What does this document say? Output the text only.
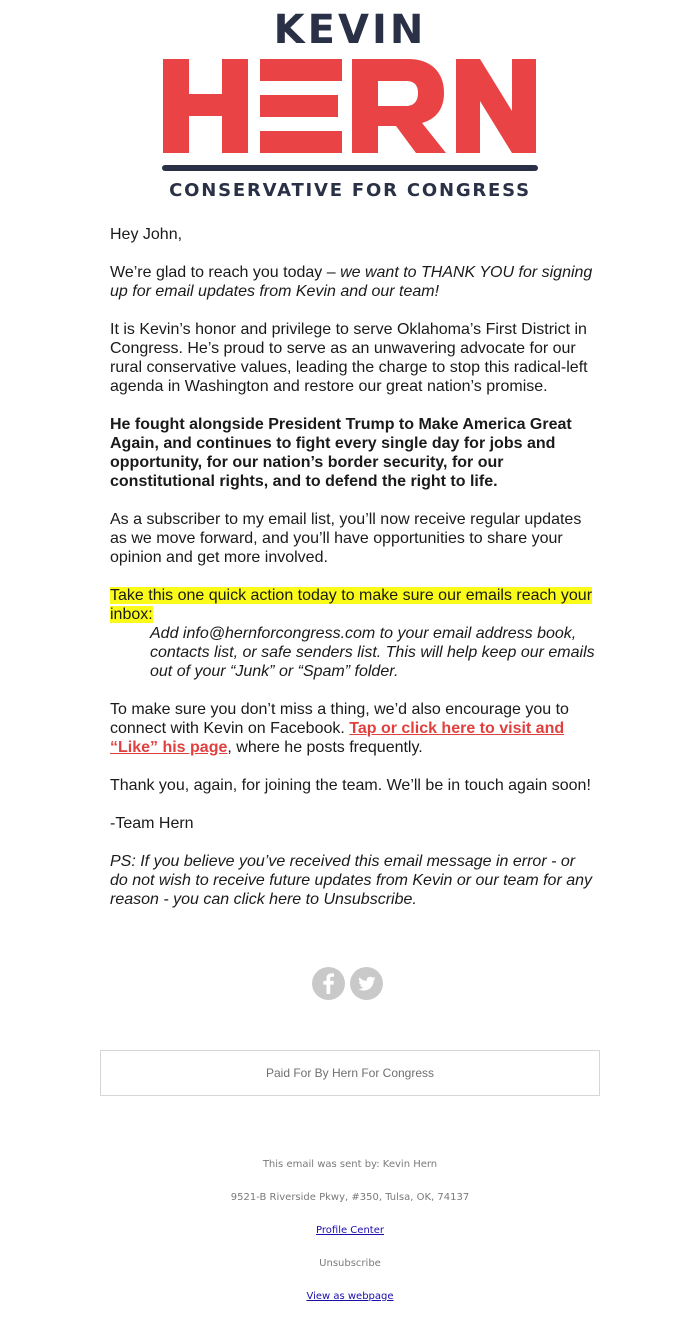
KEVIN
CONSERVATIVE FOR CONGRESS

Hey John,

We’re glad to reach you today – we want to THANK YOU for signing up for email updates from Kevin and our team!

It is Kevin’s honor and privilege to serve Oklahoma’s First District in Congress. He’s proud to serve as an unwavering advocate for our rural conservative values, leading the charge to stop this radical-left agenda in Washington and restore our great nation’s promise.

He fought alongside President Trump to Make America Great Again, and continues to fight every single day for jobs and opportunity, for our nation’s border security, for our constitutional rights, and to defend the right to life.

As a subscriber to my email list, you’ll now receive regular updates as we move forward, and you’ll have opportunities to share your opinion and get more involved.

Take this one quick action today to make sure our emails reach your inbox:

Add info@hernforcongress.com to your email address book, contacts list, or safe senders list. This will help keep our emails out of your “Junk” or “Spam” folder.

To make sure you don’t miss a thing, we’d also encourage you to connect with Kevin on Facebook. Tap or click here to visit and “Like” his page, where he posts frequently.

Thank you, again, for joining the team. We’ll be in touch again soon!

-Team Hern

PS: If you believe you’ve received this email message in error - or do not wish to receive future updates from Kevin or our team for any reason - you can click here to Unsubscribe.

Paid For By Hern For Congress
This email was sent by: Kevin Hern
9521-B Riverside Pkwy, #350, Tulsa, OK, 74137
Profile Center
Unsubscribe
View as webpage
